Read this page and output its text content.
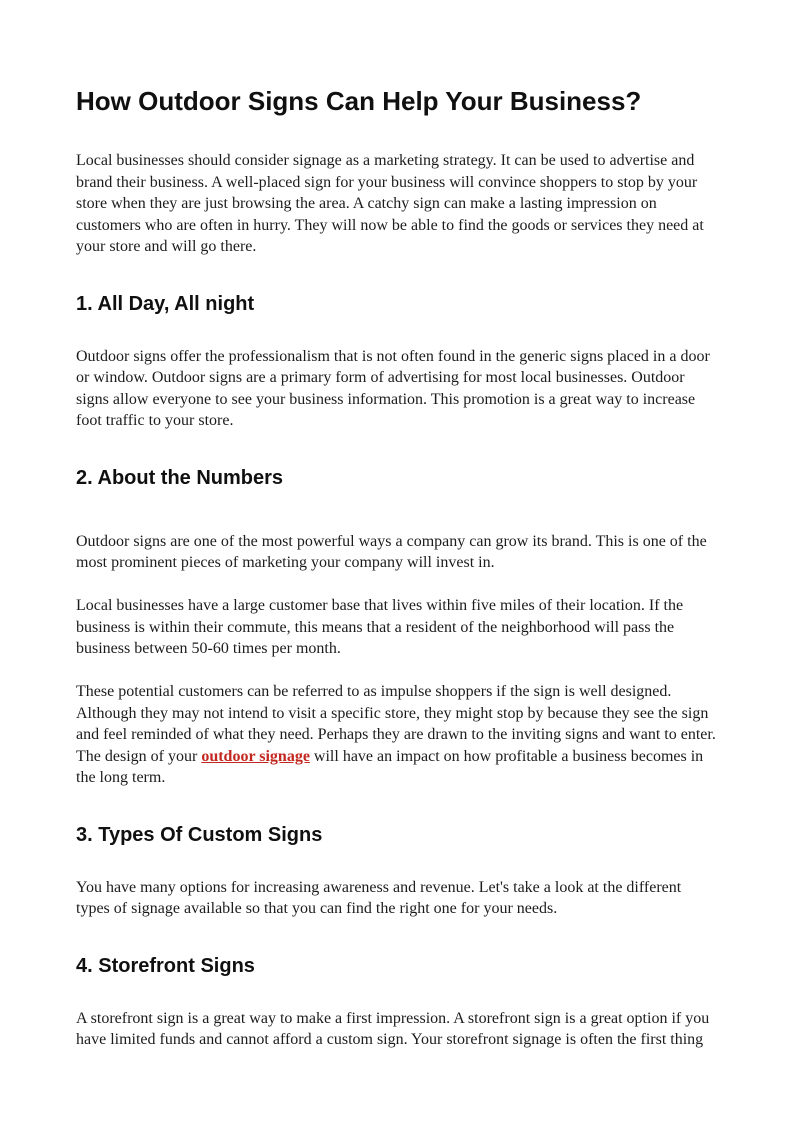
How Outdoor Signs Can Help Your Business?

Local businesses should consider signage as a marketing strategy. It can be used to advertise and brand their business. A well-placed sign for your business will convince shoppers to stop by your store when they are just browsing the area. A catchy sign can make a lasting impression on customers who are often in hurry. They will now be able to find the goods or services they need at your store and will go there.

1. All Day, All night

Outdoor signs offer the professionalism that is not often found in the generic signs placed in a door or window. Outdoor signs are a primary form of advertising for most local businesses. Outdoor signs allow everyone to see your business information. This promotion is a great way to increase foot traffic to your store.

2. About the Numbers

Outdoor signs are one of the most powerful ways a company can grow its brand. This is one of the most prominent pieces of marketing your company will invest in.

Local businesses have a large customer base that lives within five miles of their location. If the business is within their commute, this means that a resident of the neighborhood will pass the business between 50-60 times per month.

These potential customers can be referred to as impulse shoppers if the sign is well designed. Although they may not intend to visit a specific store, they might stop by because they see the sign and feel reminded of what they need. Perhaps they are drawn to the inviting signs and want to enter. The design of your outdoor signage will have an impact on how profitable a business becomes in the long term.

3. Types Of Custom Signs

You have many options for increasing awareness and revenue. Let's take a look at the different types of signage available so that you can find the right one for your needs.

4. Storefront Signs

A storefront sign is a great way to make a first impression. A storefront sign is a great option if you have limited funds and cannot afford a custom sign. Your storefront signage is often the first thing
